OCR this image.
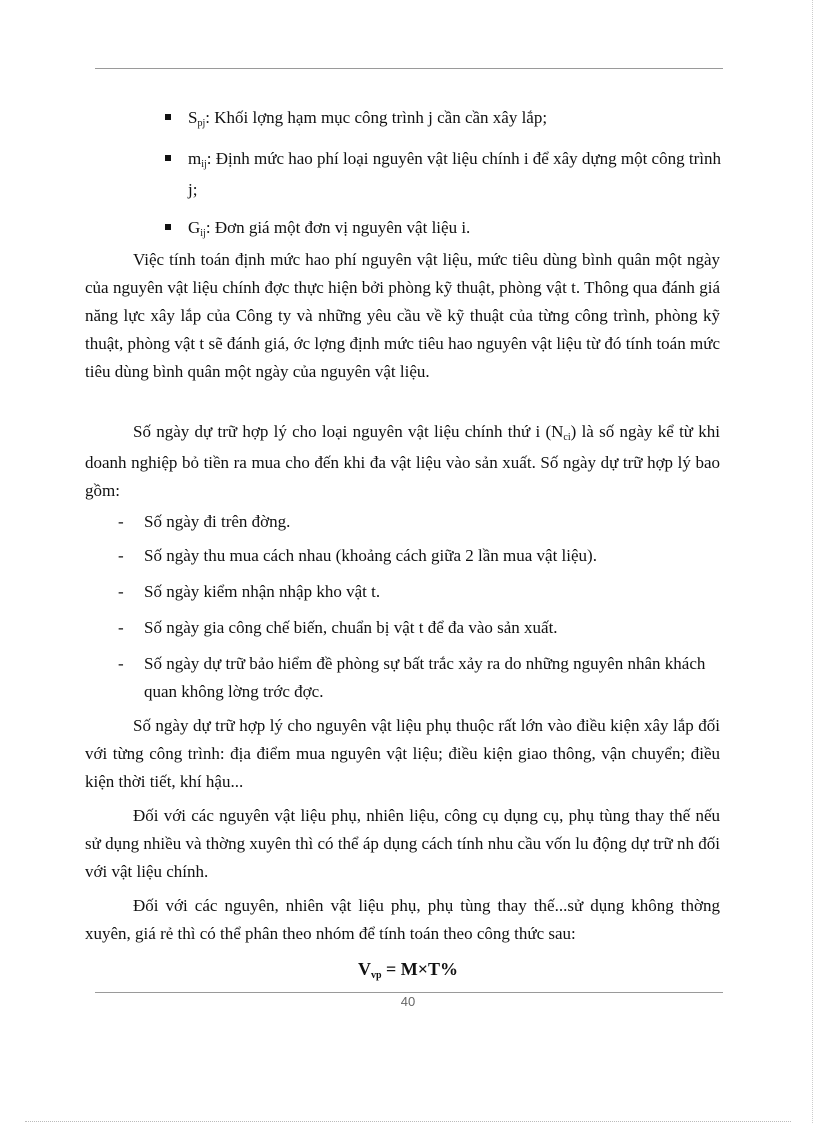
Spj: Khối lợng hạm mục công trình j cần cần xây lắp;
mij: Định mức hao phí loại nguyên vật liệu chính i để xây dựng một công trình j;
Gij: Đơn giá một đơn vị nguyên vật liệu i.

Việc tính toán định mức hao phí nguyên vật liệu, mức tiêu dùng bình quân một ngày của nguyên vật liệu chính đợc thực hiện bởi phòng kỹ thuật, phòng vật t. Thông qua đánh giá năng lực xây lắp của Công ty và những yêu cầu về kỹ thuật của từng công trình, phòng kỹ thuật, phòng vật t sẽ đánh giá, ớc lợng định mức tiêu hao nguyên vật liệu từ đó tính toán mức tiêu dùng bình quân một ngày của nguyên vật liệu.

Số ngày dự trữ hợp lý cho loại nguyên vật liệu chính thứ i (Nci) là số ngày kể từ khi doanh nghiệp bỏ tiền ra mua cho đến khi đa vật liệu vào sản xuất. Số ngày dự trữ hợp lý bao gồm:

- Số ngày đi trên đờng.
- Số ngày thu mua cách nhau (khoảng cách giữa 2 lần mua vật liệu).
- Số ngày kiểm nhận nhập kho vật t.
- Số ngày gia công chế biến, chuẩn bị vật t để đa vào sản xuất.
- Số ngày dự trữ bảo hiểm đề phòng sự bất trắc xảy ra do những nguyên nhân khách quan không lờng trớc đợc.

Số ngày dự trữ hợp lý cho nguyên vật liệu phụ thuộc rất lớn vào điều kiện xây lắp đối với từng công trình: địa điểm mua nguyên vật liệu; điều kiện giao thông, vận chuyển; điều kiện thời tiết, khí hậu...

Đối với các nguyên vật liệu phụ, nhiên liệu, công cụ dụng cụ, phụ tùng thay thế nếu sử dụng nhiều và thờng xuyên thì có thể áp dụng cách tính nhu cầu vốn lu động dự trữ nh đối với vật liệu chính.

Đối với các nguyên, nhiên vật liệu phụ, phụ tùng thay thế...sử dụng không thờng xuyên, giá rẻ thì có thể phân theo nhóm để tính toán theo công thức sau:

Vvp = M×T%
40
